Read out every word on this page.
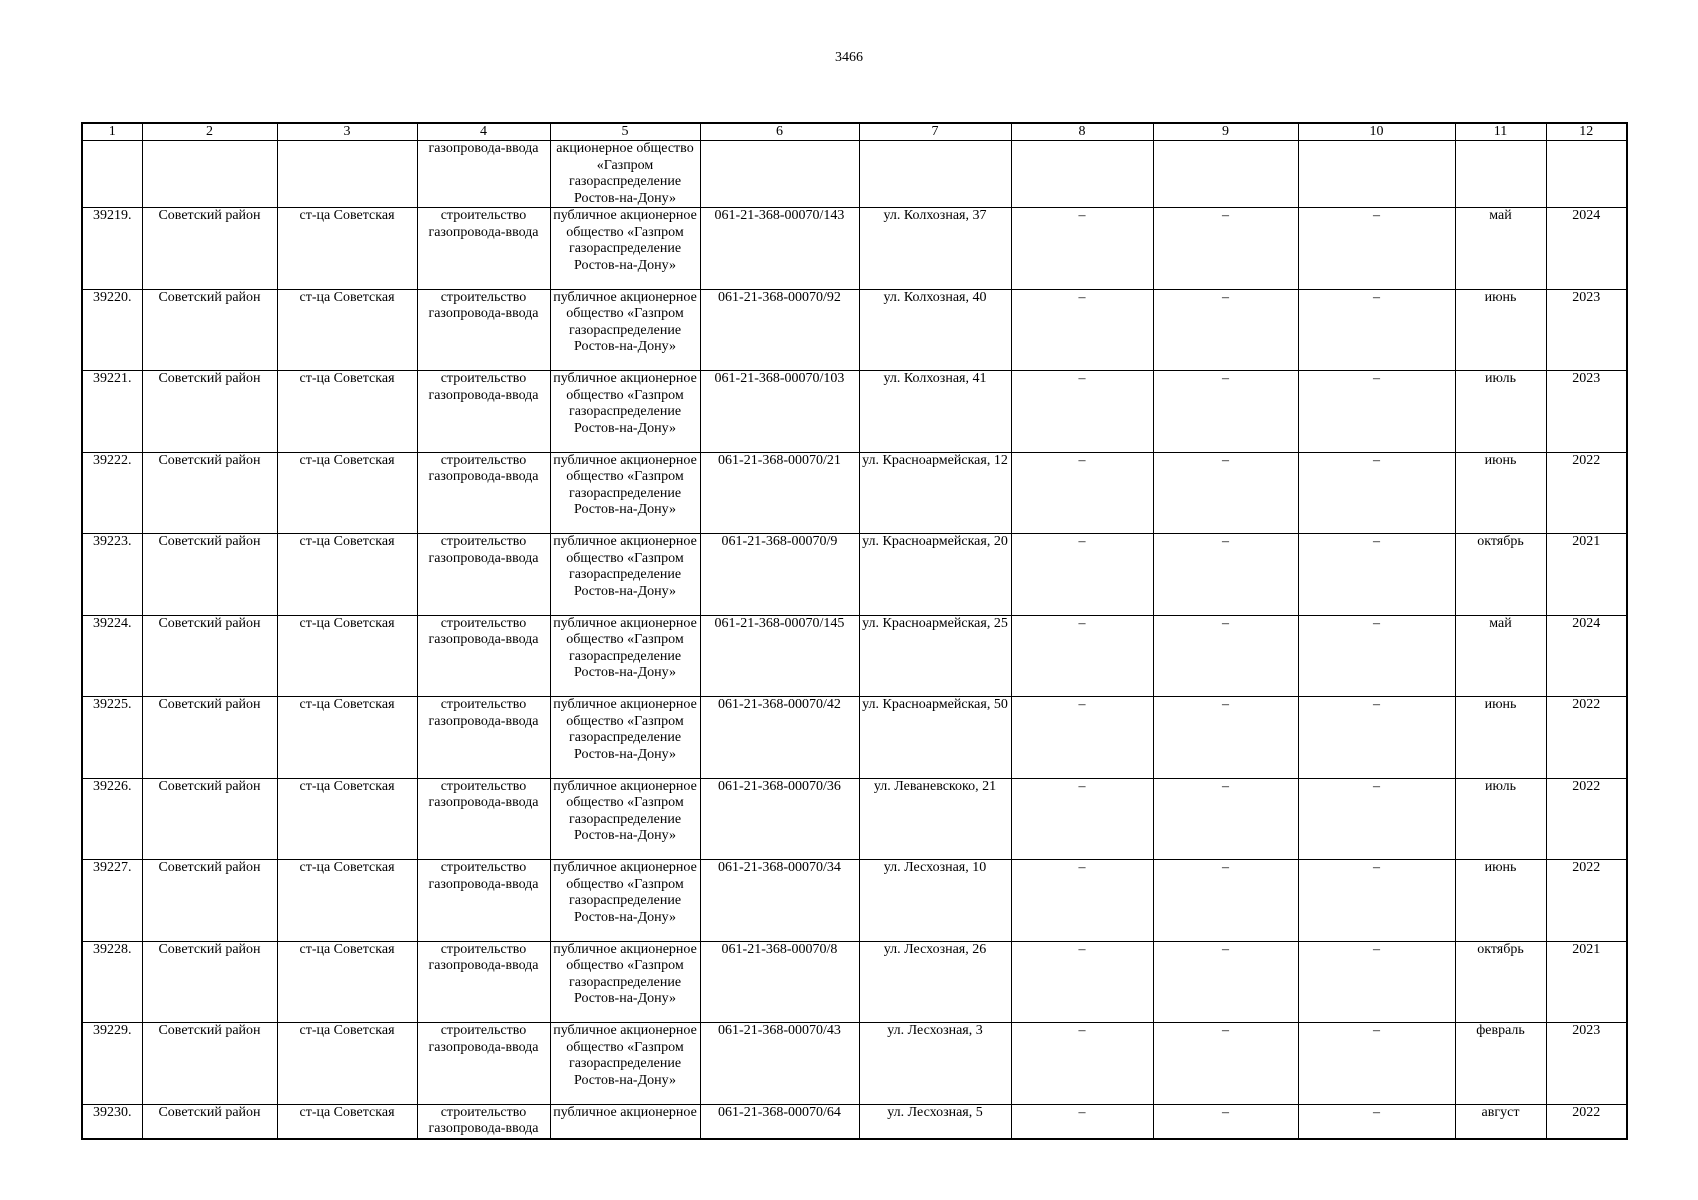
3466
1	2	3	4	5	6	7	8	9	10	11	12
			газопровода-ввода	акционерное общество «Газпром газораспределение Ростов-на-Дону»							
39219.	Советский район	ст-ца Советская	строительство газопровода-ввода	публичное акционерное общество «Газпром газораспределение Ростов-на-Дону»	061-21-368-00070/143	ул. Колхозная, 37	–	–	–	май	2024
39220.	Советский район	ст-ца Советская	строительство газопровода-ввода	публичное акционерное общество «Газпром газораспределение Ростов-на-Дону»	061-21-368-00070/92	ул. Колхозная, 40	–	–	–	июнь	2023
39221.	Советский район	ст-ца Советская	строительство газопровода-ввода	публичное акционерное общество «Газпром газораспределение Ростов-на-Дону»	061-21-368-00070/103	ул. Колхозная, 41	–	–	–	июль	2023
39222.	Советский район	ст-ца Советская	строительство газопровода-ввода	публичное акционерное общество «Газпром газораспределение Ростов-на-Дону»	061-21-368-00070/21	ул. Красноармейская, 12	–	–	–	июнь	2022
39223.	Советский район	ст-ца Советская	строительство газопровода-ввода	публичное акционерное общество «Газпром газораспределение Ростов-на-Дону»	061-21-368-00070/9	ул. Красноармейская, 20	–	–	–	октябрь	2021
39224.	Советский район	ст-ца Советская	строительство газопровода-ввода	публичное акционерное общество «Газпром газораспределение Ростов-на-Дону»	061-21-368-00070/145	ул. Красноармейская, 25	–	–	–	май	2024
39225.	Советский район	ст-ца Советская	строительство газопровода-ввода	публичное акционерное общество «Газпром газораспределение Ростов-на-Дону»	061-21-368-00070/42	ул. Красноармейская, 50	–	–	–	июнь	2022
39226.	Советский район	ст-ца Советская	строительство газопровода-ввода	публичное акционерное общество «Газпром газораспределение Ростов-на-Дону»	061-21-368-00070/36	ул. Леваневскоко, 21	–	–	–	июль	2022
39227.	Советский район	ст-ца Советская	строительство газопровода-ввода	публичное акционерное общество «Газпром газораспределение Ростов-на-Дону»	061-21-368-00070/34	ул. Лесхозная, 10	–	–	–	июнь	2022
39228.	Советский район	ст-ца Советская	строительство газопровода-ввода	публичное акционерное общество «Газпром газораспределение Ростов-на-Дону»	061-21-368-00070/8	ул. Лесхозная, 26	–	–	–	октябрь	2021
39229.	Советский район	ст-ца Советская	строительство газопровода-ввода	публичное акционерное общество «Газпром газораспределение Ростов-на-Дону»	061-21-368-00070/43	ул. Лесхозная, 3	–	–	–	февраль	2023
39230.	Советский район	ст-ца Советская	строительство газопровода-ввода	публичное акционерное	061-21-368-00070/64	ул. Лесхозная, 5	–	–	–	август	2022
